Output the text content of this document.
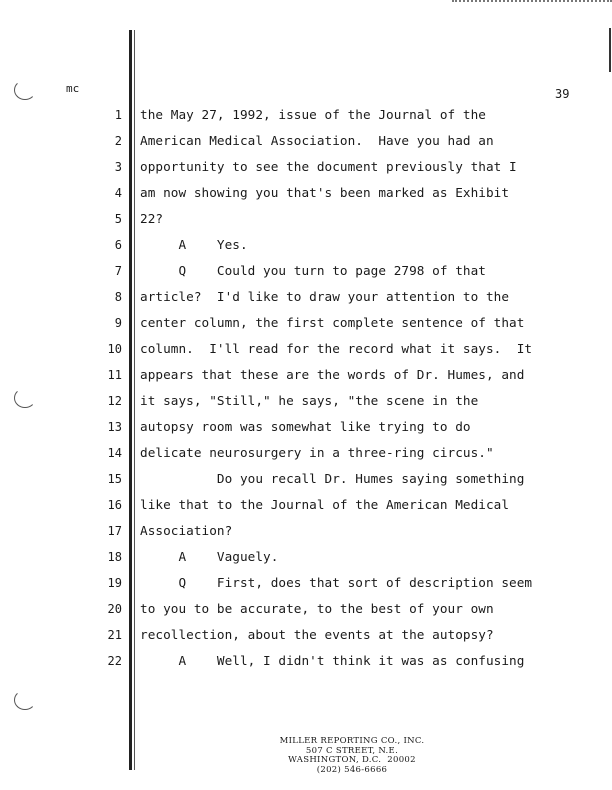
mc	39
1 the May 27, 1992, issue of the Journal of the
2 American Medical Association.  Have you had an
3 opportunity to see the document previously that I
4 am now showing you that's been marked as Exhibit
5 22?
6 A    Yes.
7 Q    Could you turn to page 2798 of that
8 article?  I'd like to draw your attention to the
9 center column, the first complete sentence of that
10 column.  I'll read for the record what it says.  It
11 appears that these are the words of Dr. Humes, and
12 it says, "Still," he says, "the scene in the
13 autopsy room was somewhat like trying to do
14 delicate neurosurgery in a three-ring circus."
15 Do you recall Dr. Humes saying something
16 like that to the Journal of the American Medical
17 Association?
18 A    Vaguely.
19 Q    First, does that sort of description seem
20 to you to be accurate, to the best of your own
21 recollection, about the events at the autopsy?
22 A    Well, I didn't think it was as confusing
MILLER REPORTING CO., INC.
507 C STREET, N.E.
WASHINGTON, D.C.  20002
(202) 546-6666
